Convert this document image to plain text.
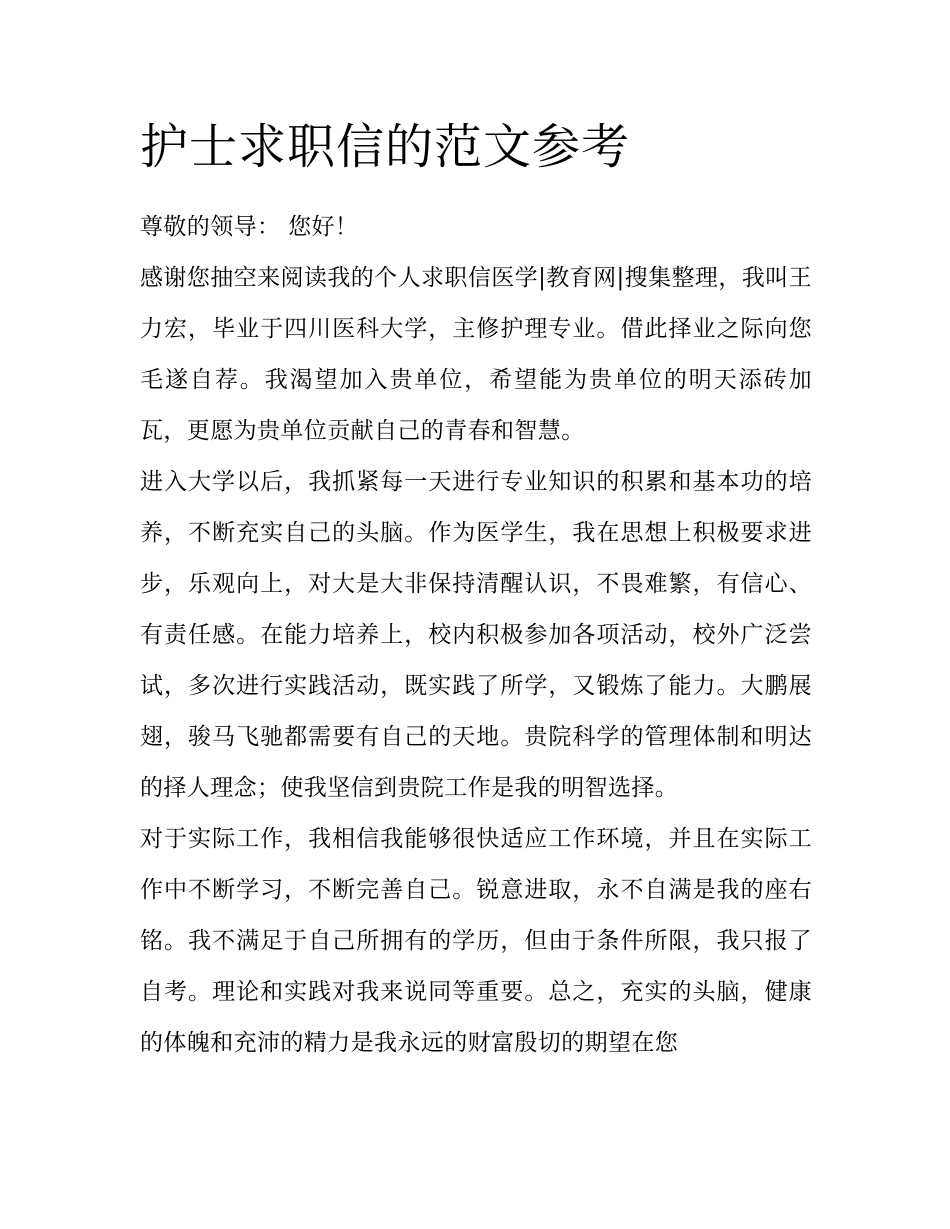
护士求职信的范文参考

尊敬的领导： 您好！

感谢您抽空来阅读我的个人求职信医学|教育网|搜集整理，我叫王力宏，毕业于四川医科大学，主修护理专业。借此择业之际向您毛遂自荐。我渴望加入贵单位，希望能为贵单位的明天添砖加瓦，更愿为贵单位贡献自己的青春和智慧。

进入大学以后，我抓紧每一天进行专业知识的积累和基本功的培养，不断充实自己的头脑。作为医学生，我在思想上积极要求进步，乐观向上，对大是大非保持清醒认识，不畏难繁，有信心、有责任感。在能力培养上，校内积极参加各项活动，校外广泛尝试，多次进行实践活动，既实践了所学，又锻炼了能力。大鹏展翅，骏马飞驰都需要有自己的天地。贵院科学的管理体制和明达的择人理念；使我坚信到贵院工作是我的明智选择。

对于实际工作，我相信我能够很快适应工作环境，并且在实际工作中不断学习，不断完善自己。锐意进取，永不自满是我的座右铭。我不满足于自己所拥有的学历，但由于条件所限，我只报了自考。理论和实践对我来说同等重要。总之，充实的头脑，健康的体魄和充沛的精力是我永远的财富殷切的期望在您
